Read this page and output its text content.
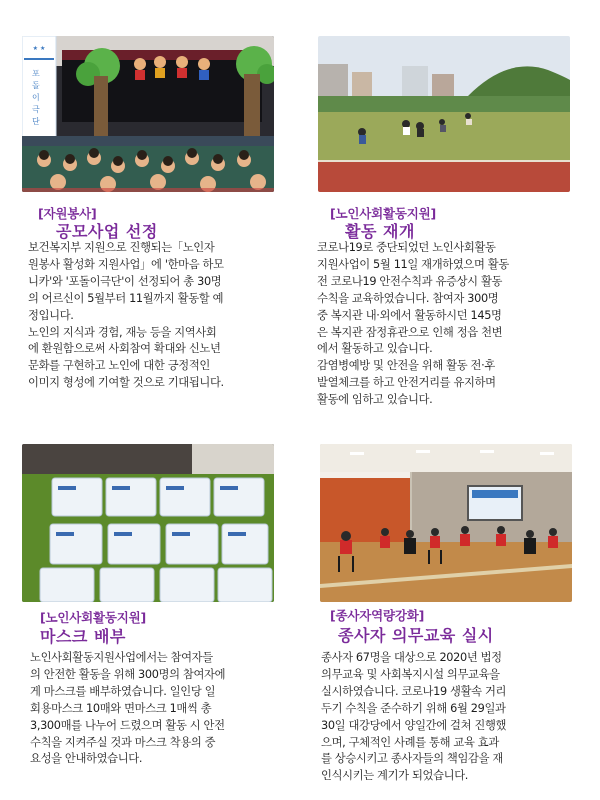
★ ★
포 돌 이 극 단
[자원봉사]
공모사업 선정
보건복지부 지원으로 진행되는「노인자
원봉사 활성화 지원사업」에 '한마음 하모
니카'와 '포돌이극단'이 선정되어 총 30명
의 어르신이 5월부터 11월까지 활동할 예
정입니다.
노인의 지식과 경험, 재능 등을 지역사회
에 환원함으로써 사회참여 확대와 신노년
문화를 구현하고 노인에 대한 긍정적인
이미지 형성에 기여할 것으로 기대됩니다.
[노인사회활동지원]
활동 재개
코로나19로 중단되었던 노인사회활동
지원사업이 5월 11일 재개하였으며 활동
전 코로나19 안전수칙과 유증상시 활동
수칙을 교육하였습니다. 참여자 300명
중 복지관 내·외에서 활동하시던 145명
은 복지관 잠정휴관으로 인해 정읍 천변
에서 활동하고 있습니다.
감염병예방 및 안전을 위해 활동 전·후
발열체크를 하고 안전거리를 유지하며
활동에 임하고 있습니다.
[노인사회활동지원]
마스크 배부
노인사회활동지원사업에서는 참여자들
의 안전한 활동을 위해 300명의 참여자에
게 마스크를 배부하였습니다. 일인당 일
회용마스크 10매와 면마스크 1매씩 총
3,300매를 나누어 드렸으며 활동 시 안전
수칙을 지켜주실 것과 마스크 착용의 중
요성을 안내하였습니다.
[종사자역량강화]
종사자 의무교육 실시
종사자 67명을 대상으로 2020년 법정
의무교육 및 사회복지시설 의무교육을
실시하였습니다. 코로나19 생활속 거리
두기 수칙을 준수하기 위해 6월 29일과
30일 대강당에서 양일간에 걸쳐 진행했
으며, 구체적인 사례를 통해 교육 효과
를 상승시키고 종사자들의 책임감을 재
인식시키는 계기가 되었습니다.
